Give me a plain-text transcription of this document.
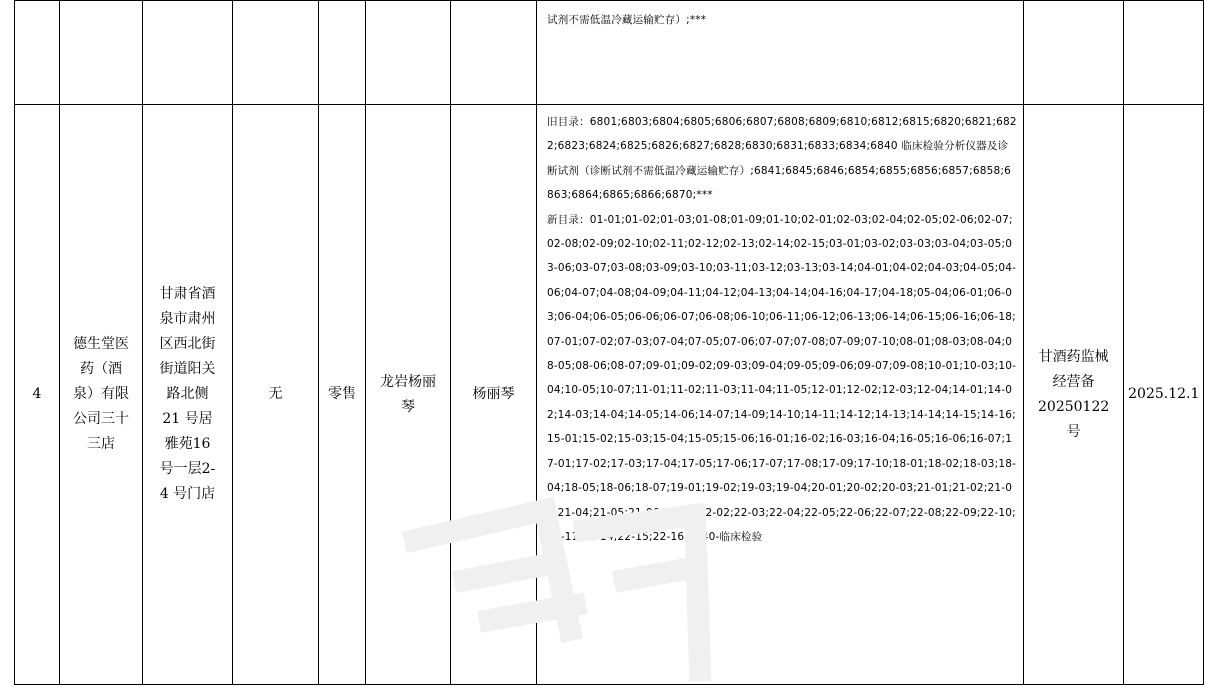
							试剂不需低温冷藏运输贮存）;***		

4	德生堂医药（酒泉）有限公司三十三店	甘肃省酒泉市肃州区西北街街道阳关路北侧 21 号居雅苑16 号一层2-4 号门店	无	零售	龙岩杨丽琴	杨丽琴	旧目录：6801;6803;6804;6805;6806;6807;6808;6809;6810;6812;6815;6820;6821;6822;6823;6824;6825;6826;6827;6828;6830;6831;6833;6834;6840 临床检验分析仪器及诊断试剂（诊断试剂不需低温冷藏运输贮存）;6841;6845;6846;6854;6855;6856;6857;6858;6863;6864;6865;6866;6870;***
新目录：01-01;01-02;01-03;01-08;01-09;01-10;02-01;02-03;02-04;02-05;02-06;02-07;02-08;02-09;02-10;02-11;02-12;02-13;02-14;02-15;03-01;03-02;03-03;03-04;03-05;03-06;03-07;03-08;03-09;03-10;03-11;03-12;03-13;03-14;04-01;04-02;04-03;04-05;04-06;04-07;04-08;04-09;04-11;04-12;04-13;04-14;04-16;04-17;04-18;05-04;06-01;06-03;06-04;06-05;06-06;06-07;06-08;06-10;06-11;06-12;06-13;06-14;06-15;06-16;06-18;07-01;07-02;07-03;07-04;07-05;07-06;07-07;07-08;07-09;07-10;08-01;08-03;08-04;08-05;08-06;08-07;09-01;09-02;09-03;09-04;09-05;09-06;09-07;09-08;10-01;10-03;10-04;10-05;10-07;11-01;11-02;11-03;11-04;11-05;12-01;12-02;12-03;12-04;14-01;14-02;14-03;14-04;14-05;14-06;14-07;14-09;14-10;14-11;14-12;14-13;14-14;14-15;14-16;15-01;15-02;15-03;15-04;15-05;15-06;16-01;16-02;16-03;16-04;16-05;16-06;16-07;17-01;17-02;17-03;17-04;17-05;17-06;17-07;17-08;17-09;17-10;18-01;18-02;18-03;18-04;18-05;18-06;18-07;19-01;19-02;19-03;19-04;20-01;20-02;20-03;21-01;21-02;21-03;21-04;21-05;21-06;22-01;22-02;22-03;22-04;22-05;22-06;22-07;22-08;22-09;22-10;22-11;22-14;22-15;22-16;6840-临床检验	甘酒药监械经营备20250122号	2025.12.1
